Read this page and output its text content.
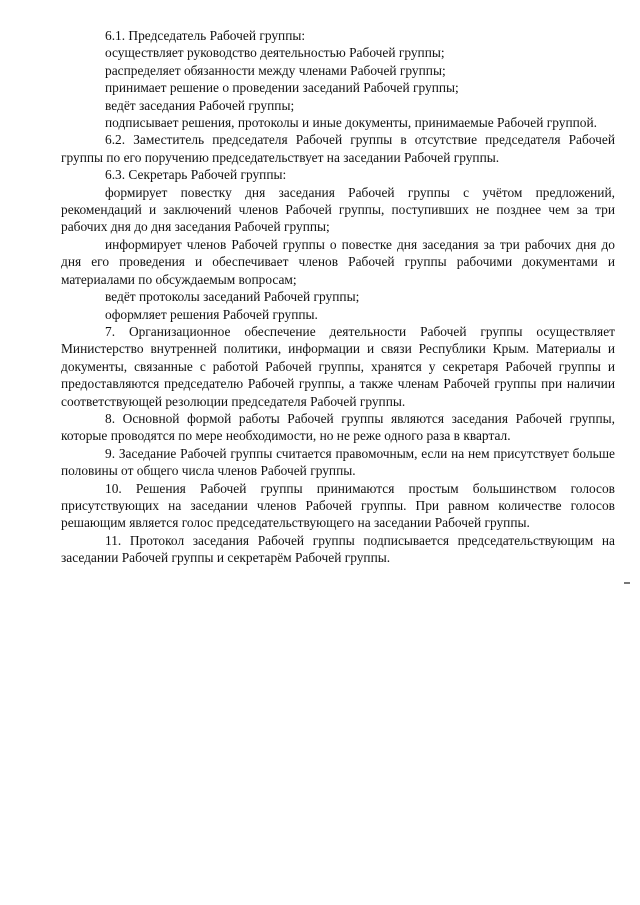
6.1. Председатель Рабочей группы:

осуществляет руководство деятельностью Рабочей группы;

распределяет обязанности между членами Рабочей группы;

принимает решение о проведении заседаний Рабочей группы;

ведёт заседания Рабочей группы;

подписывает решения, протоколы и иные документы, принимаемые Рабочей группой.

6.2. Заместитель председателя Рабочей группы в отсутствие председателя Рабочей группы по его поручению председательствует на заседании Рабочей группы.

6.3. Секретарь Рабочей группы:

формирует повестку дня заседания Рабочей группы с учётом предложений, рекомендаций и заключений членов Рабочей группы, поступивших не позднее чем за три рабочих дня до дня заседания Рабочей группы;

информирует членов Рабочей группы о повестке дня заседания за три рабочих дня до дня его проведения и обеспечивает членов Рабочей группы рабочими документами и материалами по обсуждаемым вопросам;

ведёт протоколы заседаний Рабочей группы;

оформляет решения Рабочей группы.

7. Организационное обеспечение деятельности Рабочей группы осуществляет Министерство внутренней политики, информации и связи Республики Крым. Материалы и документы, связанные с работой Рабочей группы, хранятся у секретаря Рабочей группы и предоставляются председателю Рабочей группы, а также членам Рабочей группы при наличии соответствующей резолюции председателя Рабочей группы.

8. Основной формой работы Рабочей группы являются заседания Рабочей группы, которые проводятся по мере необходимости, но не реже одного раза в квартал.

9. Заседание Рабочей группы считается правомочным, если на нем присутствует больше половины от общего числа членов Рабочей группы.

10. Решения Рабочей группы принимаются простым большинством голосов присутствующих на заседании членов Рабочей группы. При равном количестве голосов решающим является голос председательствующего на заседании Рабочей группы.

11. Протокол заседания Рабочей группы подписывается председательствующим на заседании Рабочей группы и секретарём Рабочей группы.
